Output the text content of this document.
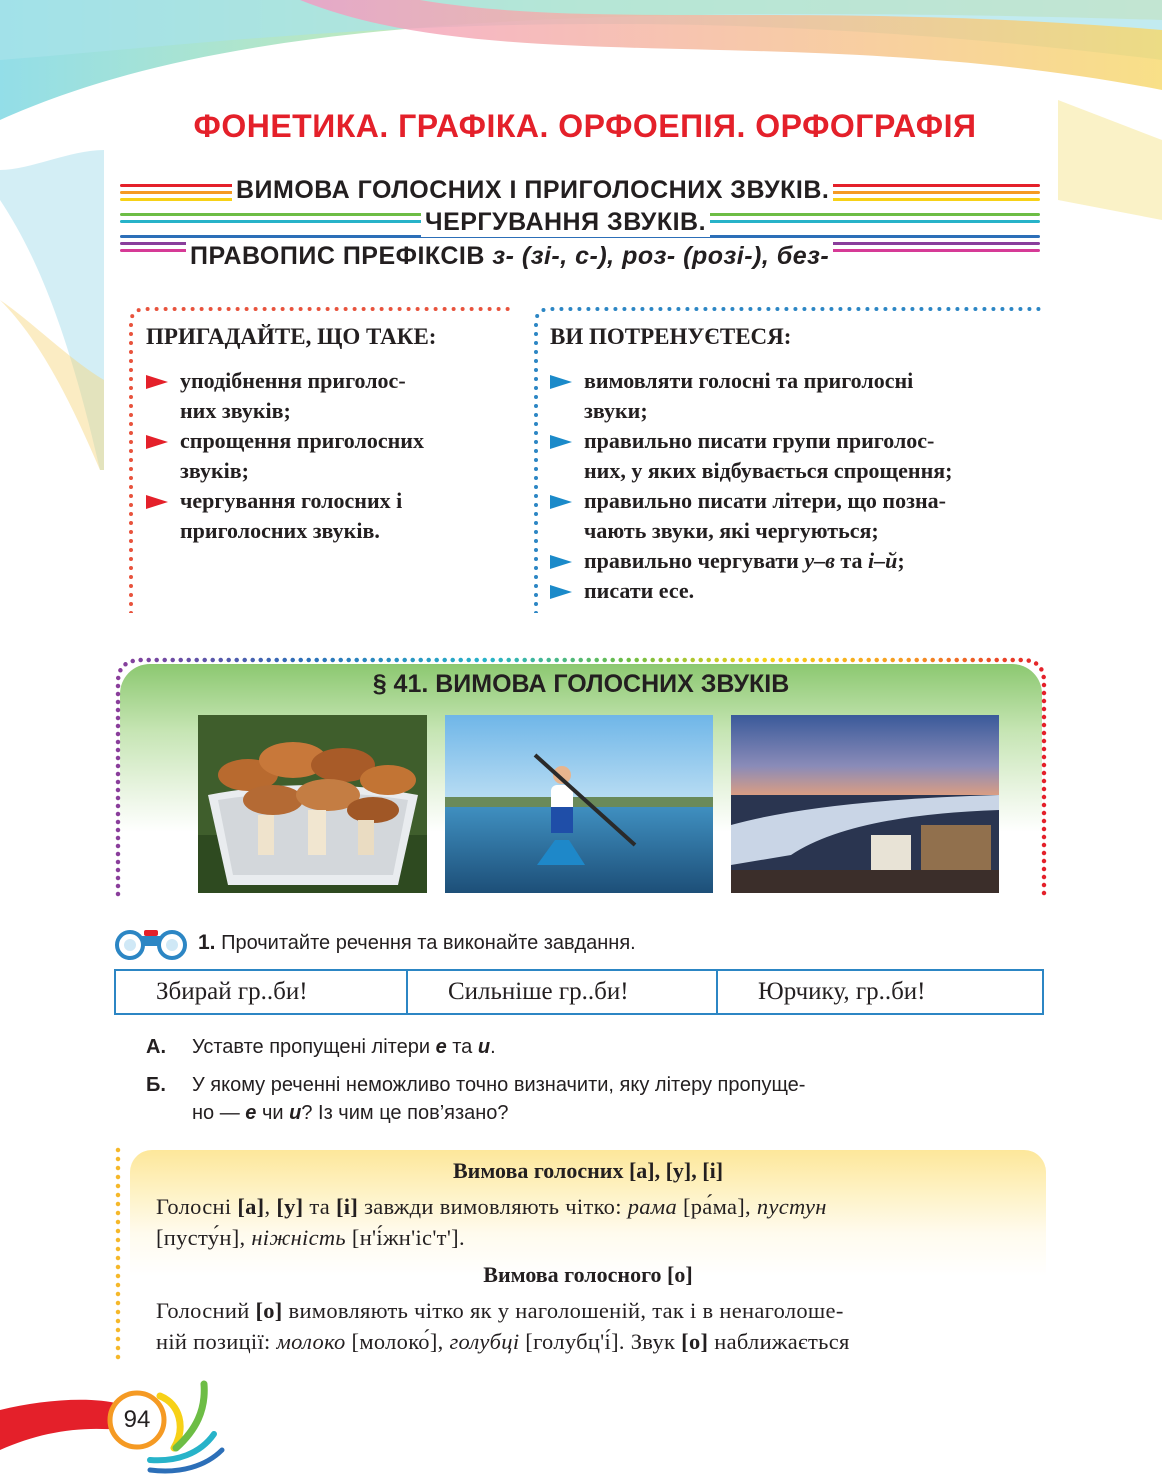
ФОНЕТИКА. ГРАФІКА. ОРФОЕПІЯ. ОРФОГРАФІЯ
ВИМОВА ГОЛОСНИХ І ПРИГОЛОСНИХ ЗВУКІВ.
ЧЕРГУВАННЯ ЗВУКІВ.
ПРАВОПИС ПРЕФІКСІВ з- (зі-, с-), роз- (розі-), без-
ПРИГАДАЙТЕ, ЩО ТАКЕ:
уподібнення приголос-
них звуків;
спрощення приголосних
звуків;
чергування голосних і
приголосних звуків.
ВИ ПОТРЕНУЄТЕСЯ:
вимовляти голосні та приголосні
звуки;
правильно писати групи приголос-
них, у яких відбувається спрощення;
правильно писати літери, що позна-
чають звуки, які чергуються;
правильно чергувати у–в та і–й;
писати есе.
§ 41. ВИМОВА ГОЛОСНИХ ЗВУКІВ
1. Прочитайте речення та виконайте завдання.
Збирай гр..би!	Сильніше гр..би!	Юрчику, гр..би!
А. Уставте пропущені літери е та и.
Б. У якому реченні неможливо точно визначити, яку літеру пропуще-
но — е чи и? Із чим це пов’язано?
Вимова голосних [а], [у], [і]

Голосні [а], [у] та [і] завжди вимовляють чітко: рама [ра́ма], пустун

[пусту́н], ніжність [н'і́жн'іс'т'].

Вимова голосного [о]

Голосний [о] вимовляють чітко як у наголошеній, так і в ненаголоше-

ній позиції: молоко [молоко́], голубці [голубц'і́]. Звук [о] наближається

94
